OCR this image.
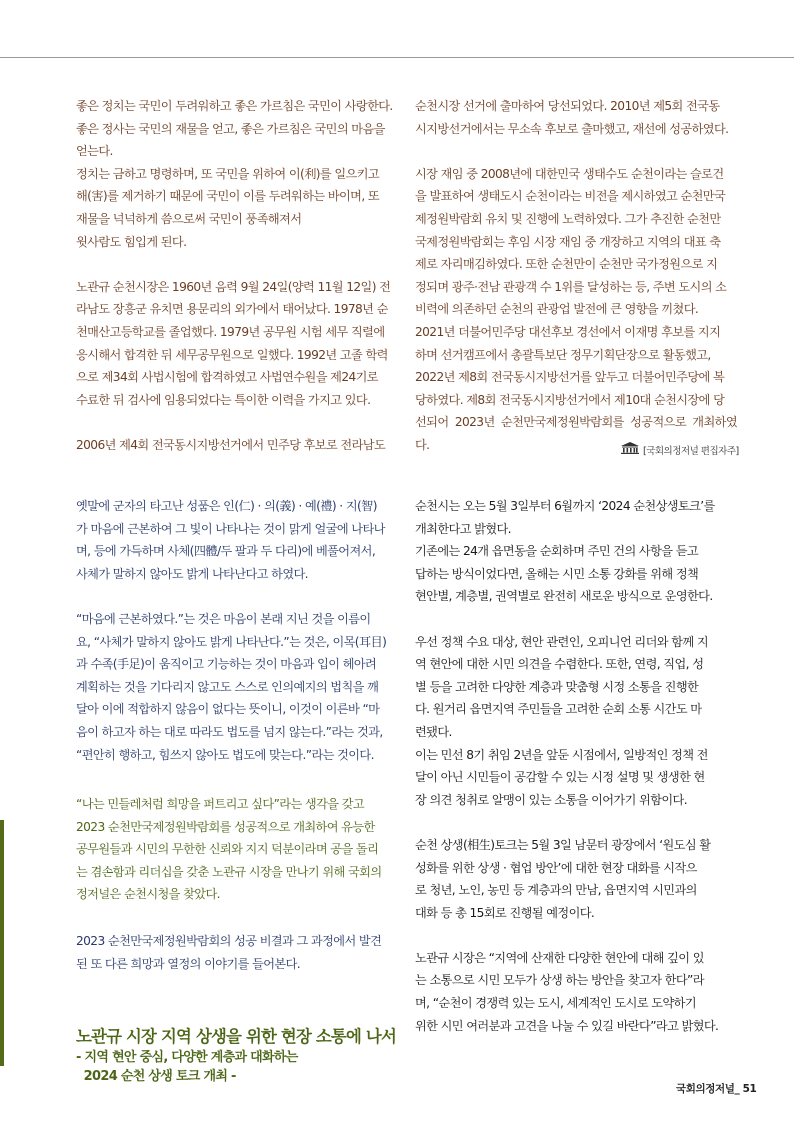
좋은 정치는 국민이 두려워하고 좋은 가르침은 국민이 사랑한다.
좋은 정사는 국민의 재물을 얻고, 좋은 가르침은 국민의 마음을
얻는다.
정치는 금하고 명령하며, 또 국민을 위하여 이(利)를 일으키고
해(害)를 제거하기 때문에 국민이 이를 두려워하는 바이며, 또
재물을 넉넉하게 씀으로써 국민이 풍족해져서
윗사람도 힘입게 된다.

노관규 순천시장은 1960년 음력 9월 24일(양력 11월 12일) 전
라남도 장흥군 유치면 용문리의 외가에서 태어났다. 1978년 순
천매산고등학교를 졸업했다. 1979년 공무원 시험 세무 직렬에
응시해서 합격한 뒤 세무공무원으로 일했다. 1992년 고졸 학력
으로 제34회 사법시험에 합격하였고 사법연수원을 제24기로
수료한 뒤 검사에 임용되었다는 특이한 이력을 가지고 있다.

2006년 제4회 전국동시지방선거에서 민주당 후보로 전라남도

순천시장 선거에 출마하여 당선되었다. 2010년 제5회 전국동
시지방선거에서는 무소속 후보로 출마했고, 재선에 성공하였다.

시장 재임 중 2008년에 대한민국 생태수도 순천이라는 슬로건
을 발표하여 생태도시 순천이라는 비전을 제시하였고 순천만국
제정원박람회 유치 및 진행에 노력하였다. 그가 추진한 순천만
국제정원박람회는 후임 시장 재임 중 개장하고 지역의 대표 축
제로 자리매김하였다. 또한 순천만이 순천만 국가정원으로 지
정되며 광주·전남 관광객 수 1위를 달성하는 등, 주변 도시의 소
비력에 의존하던 순천의 관광업 발전에 큰 영향을 끼쳤다.
2021년 더불어민주당 대선후보 경선에서 이재명 후보를 지지
하며 선거캠프에서 총괄특보단 정무기획단장으로 활동했고,
2022년 제8회 전국동시지방선거를 앞두고 더불어민주당에 복
당하였다. 제8회 전국동시지방선거에서 제10대 순천시장에 당
선되어 2023년 순천만국제정원박람회를 성공적으로 개최하였다.	[국회의정저널 편집자주]

옛말에 군자의 타고난 성품은 인(仁) · 의(義) · 예(禮) · 지(智)
가 마음에 근본하여 그 빛이 나타나는 것이 맑게 얼굴에 나타나
며, 등에 가득하며 사체(四體/두 팔과 두 다리)에 베풀어져서,
사체가 말하지 않아도 밝게 나타난다고 하였다.

“마음에 근본하였다.”는 것은 마음이 본래 지닌 것을 이름이
요, “사체가 말하지 않아도 밝게 나타난다.”는 것은, 이목(耳目)
과 수족(手足)이 움직이고 기능하는 것이 마음과 입이 헤아려
계획하는 것을 기다리지 않고도 스스로 인의예지의 법칙을 깨
달아 이에 적합하지 않음이 없다는 뜻이니, 이것이 이른바 “마
음이 하고자 하는 대로 따라도 법도를 넘지 않는다.”라는 것과,
“편안히 행하고, 힘쓰지 않아도 법도에 맞는다.”라는 것이다.

“나는 민들레처럼 희망을 퍼트리고 싶다”라는 생각을 갖고
2023 순천만국제정원박람회를 성공적으로 개최하여 유능한
공무원들과 시민의 무한한 신뢰와 지지 덕분이라며 공을 돌리
는 겸손함과 리더십을 갖춘 노관규 시장을 만나기 위해 국회의
정저널은 순천시청을 찾았다.

2023 순천만국제정원박람회의 성공 비결과 그 과정에서 발견
된 또 다른 희망과 열정의 이야기를 들어본다.

노관규 시장 지역 상생을 위한 현장 소통에 나서
- 지역 현안 중심, 다양한 계층과 대화하는
2024 순천 상생 토크 개최 -

순천시는 오는 5월 3일부터 6월까지 ‘2024 순천상생토크’를
개최한다고 밝혔다.
기존에는 24개 읍면동을 순회하며 주민 건의 사항을 듣고
답하는 방식이었다면, 올해는 시민 소통 강화를 위해 정책
현안별, 계층별, 권역별로 완전히 새로운 방식으로 운영한다.

우선 정책 수요 대상, 현안 관련인, 오피니언 리더와 함께 지
역 현안에 대한 시민 의견을 수렴한다. 또한, 연령, 직업, 성
별 등을 고려한 다양한 계층과 맞춤형 시정 소통을 진행한
다. 원거리 읍면지역 주민들을 고려한 순회 소통 시간도 마
련됐다.
이는 민선 8기 취임 2년을 앞둔 시점에서, 일방적인 정책 전
달이 아닌 시민들이 공감할 수 있는 시정 설명 및 생생한 현
장 의견 청취로 알맹이 있는 소통을 이어가기 위함이다.

순천 상생(相生)토크는 5월 3일 남문터 광장에서 ‘원도심 활
성화를 위한 상생 · 협업 방안’에 대한 현장 대화를 시작으
로 청년, 노인, 농민 등 계층과의 만남, 읍면지역 시민과의
대화 등 총 15회로 진행될 예정이다.

노관규 시장은 “지역에 산재한 다양한 현안에 대해 깊이 있
는 소통으로 시민 모두가 상생 하는 방안을 찾고자 한다”라
며, “순천이 경쟁력 있는 도시, 세계적인 도시로 도약하기
위한 시민 여러분과 고견을 나눌 수 있길 바란다”라고 밝혔다.

국회의정저널_ 51
